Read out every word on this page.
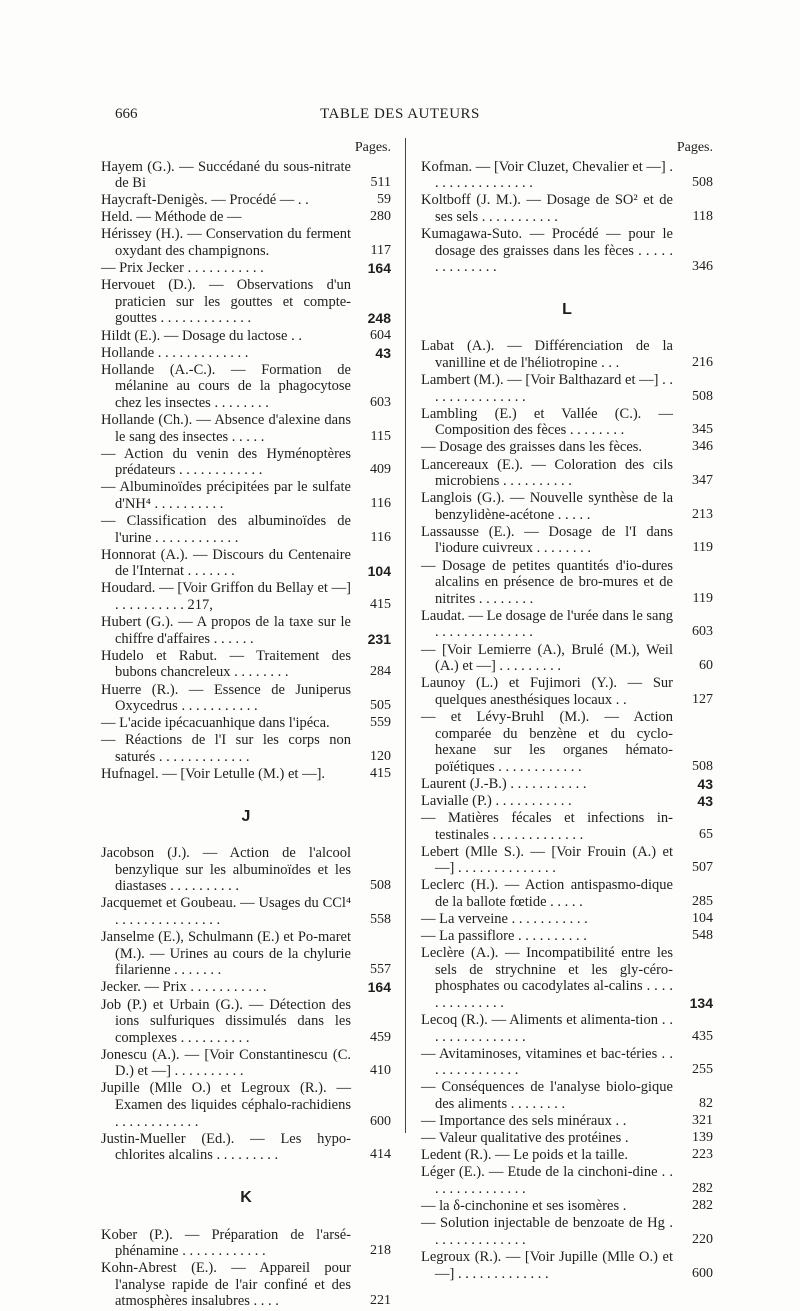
666	TABLE DES AUTEURS
Pages.
Hayem (G.). — Succédané du sous-nitrate de Bi	511
Haycraft-Denigès. — Procédé — . .	59
Held. — Méthode de —	280
Hérissey (H.). — Conservation du ferment oxydant des champignons.	117
— Prix Jecker . . . . . . . . . . .	164
Hervouet (D.). — Observations d'un praticien sur les gouttes et compte-gouttes . . . . . . . . . . . . .	248
Hildt (E.). — Dosage du lactose . .	604
Hollande . . . . . . . . . . . . .	43
Hollande (A.-C.). — Formation de mélanine au cours de la phagocytose chez les insectes . . . . . . . .	603
Hollande (Ch.). — Absence d'alexine dans le sang des insectes . . . . .	115
— Action du venin des Hyménoptères prédateurs . . . . . . . . . . . .	409
— Albuminoïdes précipitées par le sulfate d'NH⁴ . . . . . . . . . .	116
— Classification des albuminoïdes de l'urine . . . . . . . . . . . .	116
Honnorat (A.). — Discours du Centenaire de l'Internat . . . . . . .	104
Houdard. — [Voir Griffon du Bellay et —] . . . . . . . . . . 217,	415
Hubert (G.). — A propos de la taxe sur le chiffre d'affaires . . . . . .	231
Hudelo et Rabut. — Traitement des bubons chancreleux . . . . . . . .	284
Huerre (R.). — Essence de Juniperus Oxycedrus . . . . . . . . . . .	505
— L'acide ipécacuanhique dans l'ipéca.	559
— Réactions de l'I sur les corps non saturés . . . . . . . . . . . . .	120
Hufnagel. — [Voir Letulle (M.) et —].	415
J
Jacobson (J.). — Action de l'alcool benzylique sur les albuminoïdes et les diastases . . . . . . . . . .	508
Jacquemet et Goubeau. — Usages du CCl⁴ . . . . . . . . . . . . . . .	558
Janselme (E.), Schulmann (E.) et Po-maret (M.). — Urines au cours de la chylurie filarienne . . . . . . .	557
Jecker. — Prix . . . . . . . . . . .	164
Job (P.) et Urbain (G.). — Détection des ions sulfuriques dissimulés dans les complexes . . . . . . . . . .	459
Jonescu (A.). — [Voir Constantinescu (C. D.) et —] . . . . . . . . . .	410
Jupille (Mlle O.) et Legroux (R.). — Examen des liquides céphalo-rachidiens . . . . . . . . . . . .	600
Justin-Mueller (Ed.). — Les hypo-chlorites alcalins . . . . . . . . .	414
K
Kober (P.). — Préparation de l'arsé-phénamine . . . . . . . . . . . .	218
Kohn-Abrest (E.). — Appareil pour l'analyse rapide de l'air confiné et des atmosphères insalubres . . . .	221
Pages.
Kofman. — [Voir Cluzet, Chevalier et —] . . . . . . . . . . . . . . .	508
Koltboff (J. M.). — Dosage de SO² et de ses sels . . . . . . . . . . .	118
Kumagawa-Suto. — Procédé — pour le dosage des graisses dans les fèces . . . . . . . . . . . . . .	346
L
Labat (A.). — Différenciation de la vanilline et de l'héliotropine . . .	216
Lambert (M.). — [Voir Balthazard et —] . . . . . . . . . . . . . . .	508
Lambling (E.) et Vallée (C.). — Composition des fèces . . . . . . . .	345
— Dosage des graisses dans les fèces.	346
Lancereaux (E.). — Coloration des cils microbiens . . . . . . . . . .	347
Langlois (G.). — Nouvelle synthèse de la benzylidène-acétone . . . . .	213
Lassausse (E.). — Dosage de l'I dans l'iodure cuivreux . . . . . . . .	119
— Dosage de petites quantités d'io-dures alcalins en présence de bro-mures et de nitrites . . . . . . . .	119
Laudat. — Le dosage de l'urée dans le sang . . . . . . . . . . . . . .	603
— [Voir Lemierre (A.), Brulé (M.), Weil (A.) et —] . . . . . . . . .	60
Launoy (L.) et Fujimori (Y.). — Sur quelques anesthésiques locaux . .	127
— et Lévy-Bruhl (M.). — Action comparée du benzène et du cyclo-hexane sur les organes hémato-poïétiques . . . . . . . . . . . .	508
Laurent (J.-B.) . . . . . . . . . . .	43
Lavialle (P.) . . . . . . . . . . .	43
— Matières fécales et infections in-testinales . . . . . . . . . . . . .	65
Lebert (Mlle S.). — [Voir Frouin (A.) et —] . . . . . . . . . . . . . .	507
Leclerc (H.). — Action antispasmo-dique de la ballote fœtide . . . . .	285
— La verveine . . . . . . . . . . .	104
— La passiflore . . . . . . . . . .	548
Leclère (A.). — Incompatibilité entre les sels de strychnine et les gly-céro-phosphates ou cacodylates al-calins . . . . . . . . . . . . . .	134
Lecoq (R.). — Aliments et alimenta-tion . . . . . . . . . . . . . . .	435
— Avitaminoses, vitamines et bac-téries . . . . . . . . . . . . . .	255
— Conséquences de l'analyse biolo-gique des aliments . . . . . . . .	82
— Importance des sels minéraux . .	321
— Valeur qualitative des protéines .	139
Ledent (R.). — Le poids et la taille.	223
Léger (E.). — Etude de la cinchoni-dine . . . . . . . . . . . . . . .	282
— la δ-cinchonine et ses isomères .	282
— Solution injectable de benzoate de Hg . . . . . . . . . . . . . .	220
Legroux (R.). — [Voir Jupille (Mlle O.) et —] . . . . . . . . . . . . .	600
